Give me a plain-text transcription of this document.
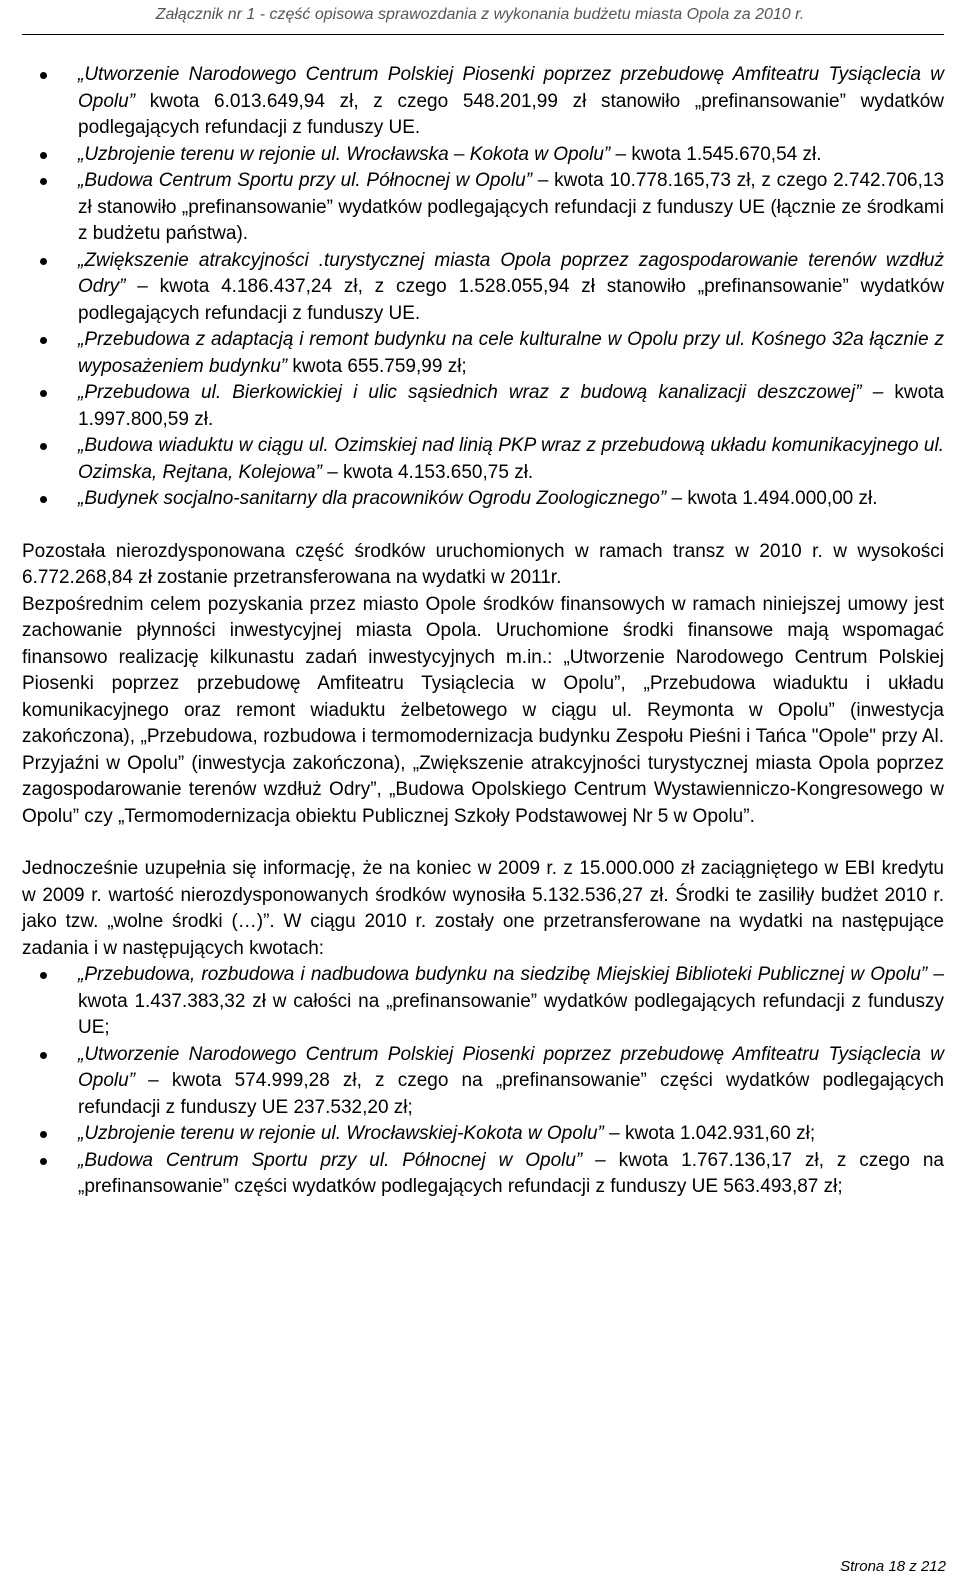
Załącznik nr 1 - część opisowa sprawozdania z wykonania budżetu miasta Opola za 2010 r.
„Utworzenie Narodowego Centrum Polskiej Piosenki poprzez przebudowę Amfiteatru Tysiąclecia w Opolu” kwota 6.013.649,94 zł, z czego 548.201,99 zł stanowiło „prefinansowanie” wydatków podlegających refundacji z funduszy UE.
„Uzbrojenie terenu w rejonie ul. Wrocławska – Kokota w Opolu” – kwota 1.545.670,54 zł.
„Budowa Centrum Sportu przy ul. Północnej w Opolu” – kwota 10.778.165,73 zł, z czego 2.742.706,13 zł stanowiło „prefinansowanie” wydatków podlegających refundacji z funduszy UE (łącznie ze środkami z budżetu państwa).
„Zwiększenie atrakcyjności .turystycznej miasta Opola poprzez zagospodarowanie terenów wzdłuż Odry” – kwota 4.186.437,24 zł, z czego 1.528.055,94 zł stanowiło „prefinansowanie” wydatków podlegających refundacji z funduszy UE.
„Przebudowa z adaptacją i remont budynku na cele kulturalne w Opolu przy ul. Kośnego 32a łącznie z wyposażeniem budynku” kwota 655.759,99 zł;
„Przebudowa ul. Bierkowickiej i ulic sąsiednich wraz z budową kanalizacji deszczowej” – kwota 1.997.800,59 zł.
„Budowa wiaduktu w ciągu ul. Ozimskiej nad linią PKP wraz z przebudową układu komunikacyjnego ul. Ozimska, Rejtana, Kolejowa” – kwota 4.153.650,75 zł.
„Budynek socjalno-sanitarny dla pracowników Ogrodu Zoologicznego” – kwota 1.494.000,00 zł.

Pozostała nierozdysponowana część środków uruchomionych w ramach transz w 2010 r. w wysokości 6.772.268,84 zł zostanie przetransferowana na wydatki w 2011r.

Bezpośrednim celem pozyskania przez miasto Opole środków finansowych w ramach niniejszej umowy jest zachowanie płynności inwestycyjnej miasta Opola. Uruchomione środki finansowe mają wspomagać finansowo realizację kilkunastu zadań inwestycyjnych m.in.: „Utworzenie Narodowego Centrum Polskiej Piosenki poprzez przebudowę Amfiteatru Tysiąclecia w Opolu”, „Przebudowa wiaduktu i układu komunikacyjnego oraz remont wiaduktu żelbetowego w ciągu ul. Reymonta w Opolu” (inwestycja zakończona), „Przebudowa, rozbudowa i termomodernizacja budynku Zespołu Pieśni i Tańca "Opole" przy Al. Przyjaźni w Opolu” (inwestycja zakończona), „Zwiększenie atrakcyjności turystycznej miasta Opola poprzez zagospodarowanie terenów wzdłuż Odry”, „Budowa Opolskiego Centrum Wystawienniczo-Kongresowego w Opolu” czy „Termomodernizacja obiektu Publicznej Szkoły Podstawowej Nr 5 w Opolu”.

Jednocześnie uzupełnia się informację, że na koniec w 2009 r. z 15.000.000 zł zaciągniętego w EBI kredytu w 2009 r. wartość nierozdysponowanych środków wynosiła 5.132.536,27 zł. Środki te zasiliły budżet 2010 r. jako tzw. „wolne środki (…)”. W ciągu 2010 r. zostały one przetransferowane na wydatki na następujące zadania i w następujących kwotach:

„Przebudowa, rozbudowa i nadbudowa budynku na siedzibę Miejskiej Biblioteki Publicznej w Opolu” – kwota 1.437.383,32 zł w całości na „prefinansowanie” wydatków podlegających refundacji z funduszy UE;
„Utworzenie Narodowego Centrum Polskiej Piosenki poprzez przebudowę Amfiteatru Tysiąclecia w Opolu” – kwota 574.999,28 zł, z czego na „prefinansowanie” części wydatków podlegających refundacji z funduszy UE 237.532,20 zł;
„Uzbrojenie terenu w rejonie ul. Wrocławskiej-Kokota w Opolu” – kwota 1.042.931,60 zł;
„Budowa Centrum Sportu przy ul. Północnej w Opolu” – kwota 1.767.136,17 zł, z czego na „prefinansowanie” części wydatków podlegających refundacji z funduszy UE 563.493,87 zł;
Strona 18 z 212
